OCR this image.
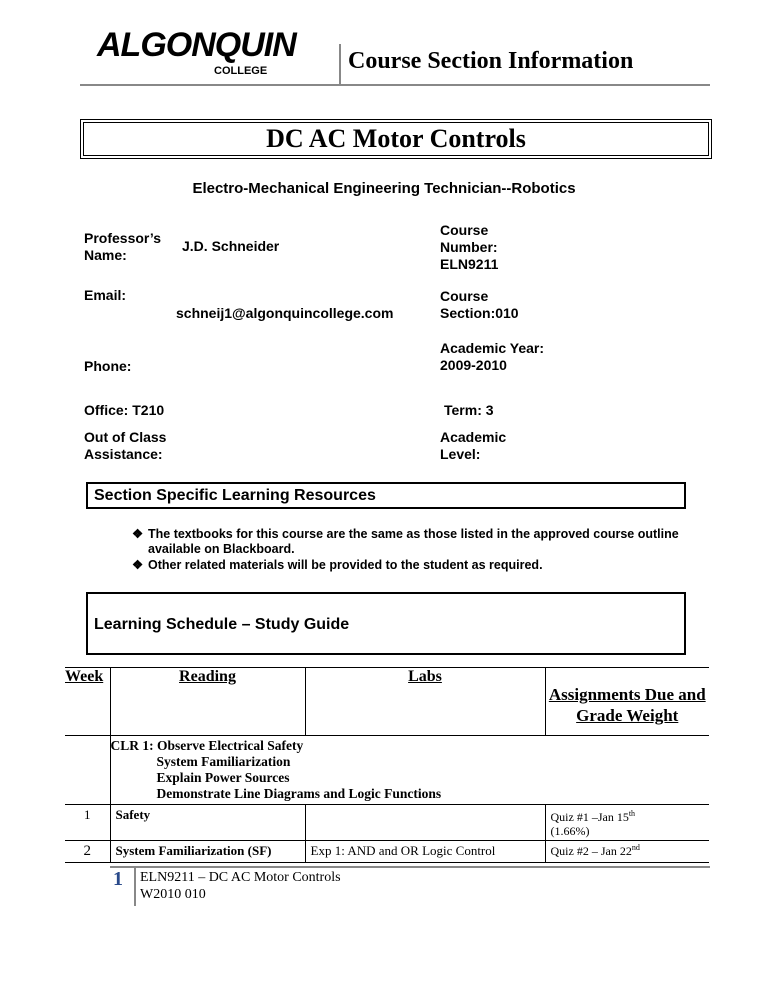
ALGONQUIN
COLLEGE	Course Section Information
DC AC Motor Controls
Electro-Mechanical Engineering Technician--Robotics
Professor’s Name:
J.D. Schneider
Course Number: ELN9211
Email:
schneij1@algonquincollege.com
Course Section:010
Phone:
Academic Year: 2009-2010
Office: T210	Term: 3
Out of Class Assistance:
Academic Level:
Section Specific Learning Resources
❖ The textbooks for this course are the same as those listed in the approved course outline available on Blackboard.
❖ Other related materials will be provided to the student as required.
Learning Schedule – Study Guide
Week	Reading	Labs	Assignments Due and Grade Weight

	CLR 1: Observe Electrical Safety
System Familiarization
Explain Power Sources
Demonstrate Line Diagrams and Logic Functions		

1	Safety		Quiz #1 –Jan 15th
(1.66%)
2	System Familiarization (SF)	Exp 1: AND and OR Logic Control	Quiz #2 – Jan 22nd
1 ELN9211 – DC AC Motor Controls
W2010 010
